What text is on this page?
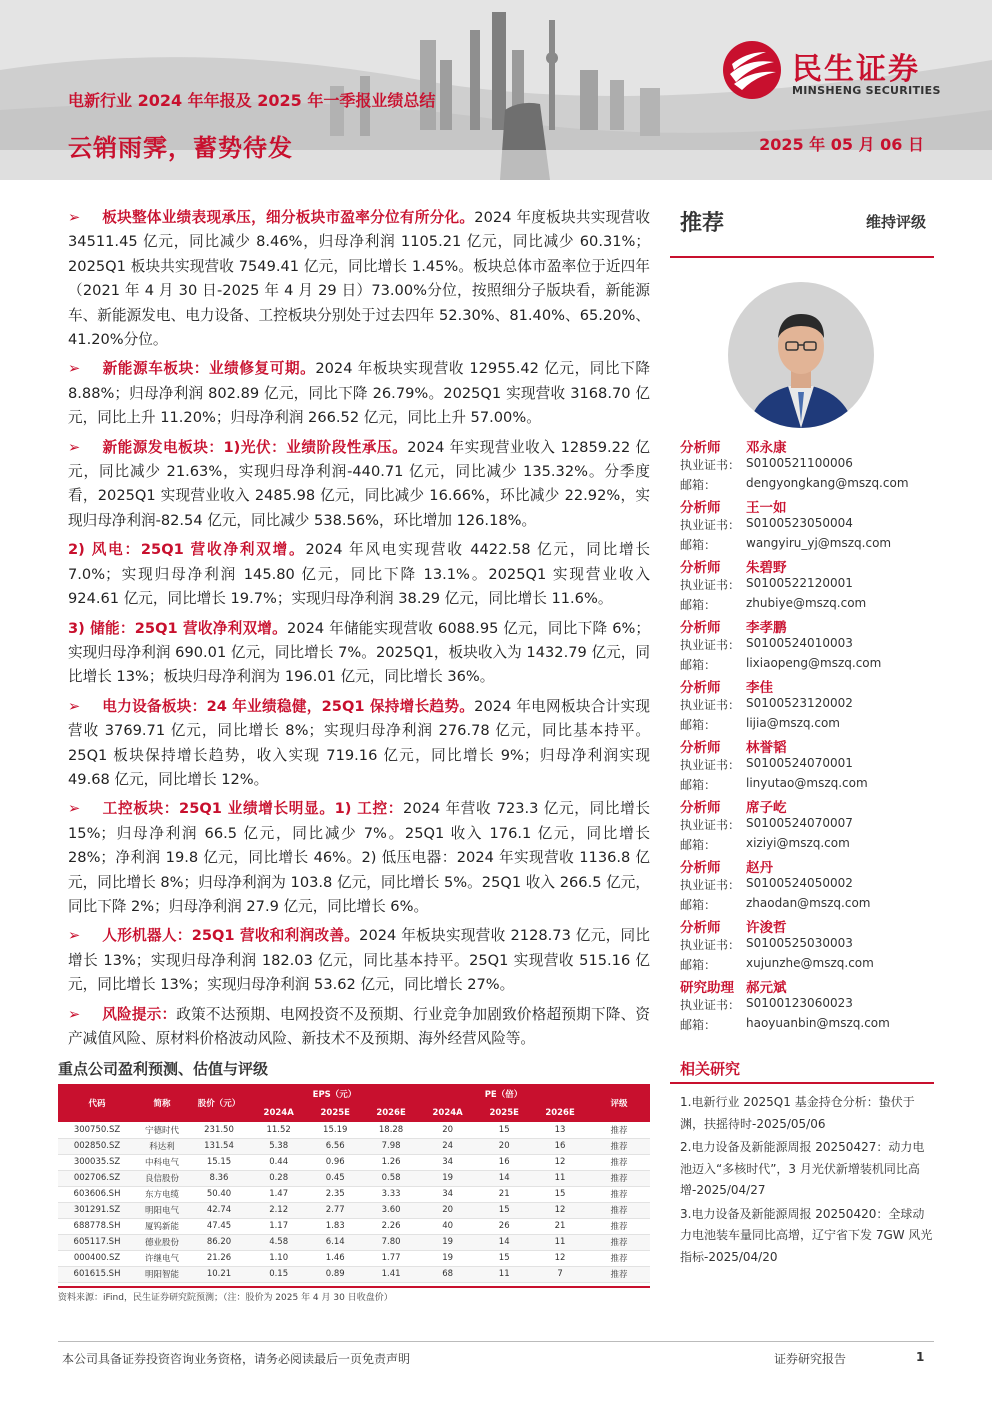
电新行业 2024 年年报及 2025 年一季报业绩总结
云销雨霁，蓄势待发	2025 年 05 月 06 日
民生证券
MINSHENG SECURITIES

➢ 板块整体业绩表现承压，细分板块市盈率分位有所分化。2024 年度板块共实现营收 34511.45 亿元，同比减少 8.46%，归母净利润 1105.21 亿元，同比减少 60.31%；2025Q1 板块共实现营收 7549.41 亿元，同比增长 1.45%。板块总体市盈率位于近四年（2021 年 4 月 30 日-2025 年 4 月 29 日）73.00%分位，按照细分子版块看，新能源车、新能源发电、电力设备、工控板块分别处于过去四年 52.30%、81.40%、65.20%、41.20%分位。

➢ 新能源车板块：业绩修复可期。2024 年板块实现营收 12955.42 亿元，同比下降 8.88%；归母净利润 802.89 亿元，同比下降 26.79%。2025Q1 实现营收 3168.70 亿元，同比上升 11.20%；归母净利润 266.52 亿元，同比上升 57.00%。

➢ 新能源发电板块：1)光伏：业绩阶段性承压。2024 年实现营业收入 12859.22 亿元，同比减少 21.63%，实现归母净利润-440.71 亿元，同比减少 135.32%。分季度看，2025Q1 实现营业收入 2485.98 亿元，同比减少 16.66%，环比减少 22.92%，实现归母净利润-82.54 亿元，同比减少 538.56%，环比增加 126.18%。

2) 风电：25Q1 营收净利双增。2024 年风电实现营收 4422.58 亿元，同比增长 7.0%；实现归母净利润 145.80 亿元，同比下降 13.1%。2025Q1 实现营业收入 924.61 亿元，同比增长 19.7%；实现归母净利润 38.29 亿元，同比增长 11.6%。

3) 储能：25Q1 营收净利双增。2024 年储能实现营收 6088.95 亿元，同比下降 6%；实现归母净利润 690.01 亿元，同比增长 7%。2025Q1，板块收入为 1432.79 亿元，同比增长 13%；板块归母净利润为 196.01 亿元，同比增长 36%。

➢ 电力设备板块：24 年业绩稳健，25Q1 保持增长趋势。2024 年电网板块合计实现营收 3769.71 亿元，同比增长 8%；实现归母净利润 276.78 亿元，同比基本持平。25Q1 板块保持增长趋势，收入实现 719.16 亿元，同比增长 9%；归母净利润实现 49.68 亿元，同比增长 12%。

➢ 工控板块：25Q1 业绩增长明显。1) 工控：2024 年营收 723.3 亿元，同比增长 15%；归母净利润 66.5 亿元，同比减少 7%。25Q1 收入 176.1 亿元，同比增长 28%；净利润 19.8 亿元，同比增长 46%。2) 低压电器：2024 年实现营收 1136.8 亿元，同比增长 8%；归母净利润为 103.8 亿元，同比增长 5%。25Q1 收入 266.5 亿元，同比下降 2%；归母净利润 27.9 亿元，同比增长 6%。

➢ 人形机器人：25Q1 营收和利润改善。2024 年板块实现营收 2128.73 亿元，同比增长 13%；实现归母净利润 182.03 亿元，同比基本持平。25Q1 实现营收 515.16 亿元，同比增长 13%；实现归母净利润 53.62 亿元，同比增长 27%。

➢ 风险提示：政策不达预期、电网投资不及预期、行业竞争加剧致价格超预期下降、资产减值风险、原材料价格波动风险、新技术不及预期、海外经营风险等。

推荐	维持评级
分析师	邓永康
执业证书： S0100521100006
邮箱：	dengyongkang@mszq.com
分析师	王一如
执业证书： S0100523050004
邮箱：	wangyiru_yj@mszq.com
分析师	朱碧野
执业证书： S0100522120001
邮箱：	zhubiye@mszq.com
分析师	李孝鹏
执业证书： S0100524010003
邮箱：	lixiaopeng@mszq.com
分析师	李佳
执业证书： S0100523120002
邮箱：	lijia@mszq.com
分析师	林誉韬
执业证书： S0100524070001
邮箱：	linyutao@mszq.com
分析师	席子屹
执业证书： S0100524070007
邮箱：	xiziyi@mszq.com
分析师	赵丹
执业证书： S0100524050002
邮箱：	zhaodan@mszq.com
分析师	许浚哲
执业证书： S0100525030003
邮箱：	xujunzhe@mszq.com
研究助理 郝元斌
执业证书： S0100123060023
邮箱：	haoyuanbin@mszq.com
相关研究
1.电新行业 2025Q1 基金持仓分析：蛰伏于渊，扶摇待时-2025/05/06
2.电力设备及新能源周报 20250427：动力电池迈入“多核时代”，3 月光伏新增装机同比高增-2025/04/27
3.电力设备及新能源周报 20250420：全球动力电池装车量同比高增，辽宁省下发 7GW 风光指标-2025/04/20
重点公司盈利预测、估值与评级
代码	简称	股价（元）	EPS（元）			PE（倍）			评级
			2024A	2025E	2026E	2024A	2025E	2026E	
300750.SZ	宁德时代	231.50	11.52	15.19	18.28	20	15	13	推荐
002850.SZ	科达利	131.54	5.38	6.56	7.98	24	20	16	推荐
300035.SZ	中科电气	15.15	0.44	0.96	1.26	34	16	12	推荐
002706.SZ	良信股份	8.36	0.28	0.45	0.58	19	14	11	推荐
603606.SH	东方电缆	50.40	1.47	2.35	3.33	34	21	15	推荐
301291.SZ	明阳电气	42.74	2.12	2.77	3.60	20	15	12	推荐
688778.SH	厦钨新能	47.45	1.17	1.83	2.26	40	26	21	推荐
605117.SH	德业股份	86.20	4.58	6.14	7.80	19	14	11	推荐
000400.SZ	许继电气	21.26	1.10	1.46	1.77	19	15	12	推荐
601615.SH	明阳智能	10.21	0.15	0.89	1.41	68	11	7	推荐
资料来源：iFind，民生证券研究院预测；（注：股价为 2025 年 4 月 30 日收盘价）
本公司具备证券投资咨询业务资格，请务必阅读最后一页免责声明	证券研究报告	1
